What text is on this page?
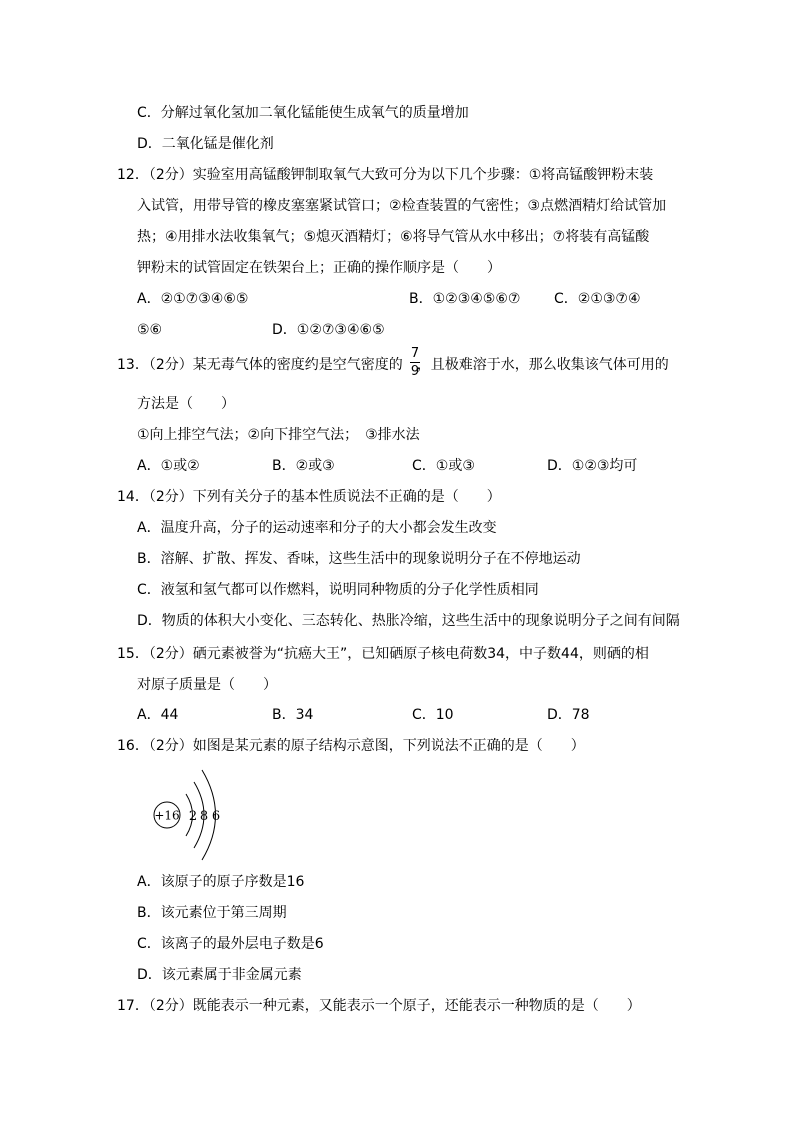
C．分解过氧化氢加二氧化锰能使生成氧气的质量增加
D．二氧化锰是催化剂
12．（2分）实验室用高锰酸钾制取氧气大致可分为以下几个步骤：①将高锰酸钾粉末装
入试管，用带导管的橡皮塞塞紧试管口；②检查装置的气密性；③点燃酒精灯给试管加
热；④用排水法收集氧气；⑤熄灭酒精灯；⑥将导气管从水中移出；⑦将装有高锰酸
钾粉末的试管固定在铁架台上；正确的操作顺序是（　　）
A．②①⑦③④⑥⑤	B．①②③④⑤⑥⑦ C．②①③⑦④
⑤⑥	D．①②⑦③④⑥⑤
13．（2分）某无毒气体的密度约是空气密度的 ，且极难溶于水，那么收集该气体可用的
7
9
方法是（　　）
①向上排空气法；②向下排空气法；　③排水法
A．①或②	B．②或③	C．①或③	D．①②③均可
14．（2分）下列有关分子的基本性质说法不正确的是（　　）
A．温度升高，分子的运动速率和分子的大小都会发生改变
B．溶解、扩散、挥发、香味，这些生活中的现象说明分子在不停地运动
C．液氢和氢气都可以作燃料，说明同种物质的分子化学性质相同
D．物质的体积大小变化、三态转化、热胀冷缩，这些生活中的现象说明分子之间有间隔
15．（2分）硒元素被誉为“抗癌大王”，已知硒原子核电荷数34，中子数44，则硒的相
对原子质量是（　　）
A．44	B．34	C．10	D．78
16．（2分）如图是某元素的原子结构示意图，下列说法不正确的是（　　）
+16 2 8 6
A．该原子的原子序数是16
B．该元素位于第三周期
C．该离子的最外层电子数是6
D．该元素属于非金属元素
17．（2分）既能表示一种元素，又能表示一个原子，还能表示一种物质的是（　　）
